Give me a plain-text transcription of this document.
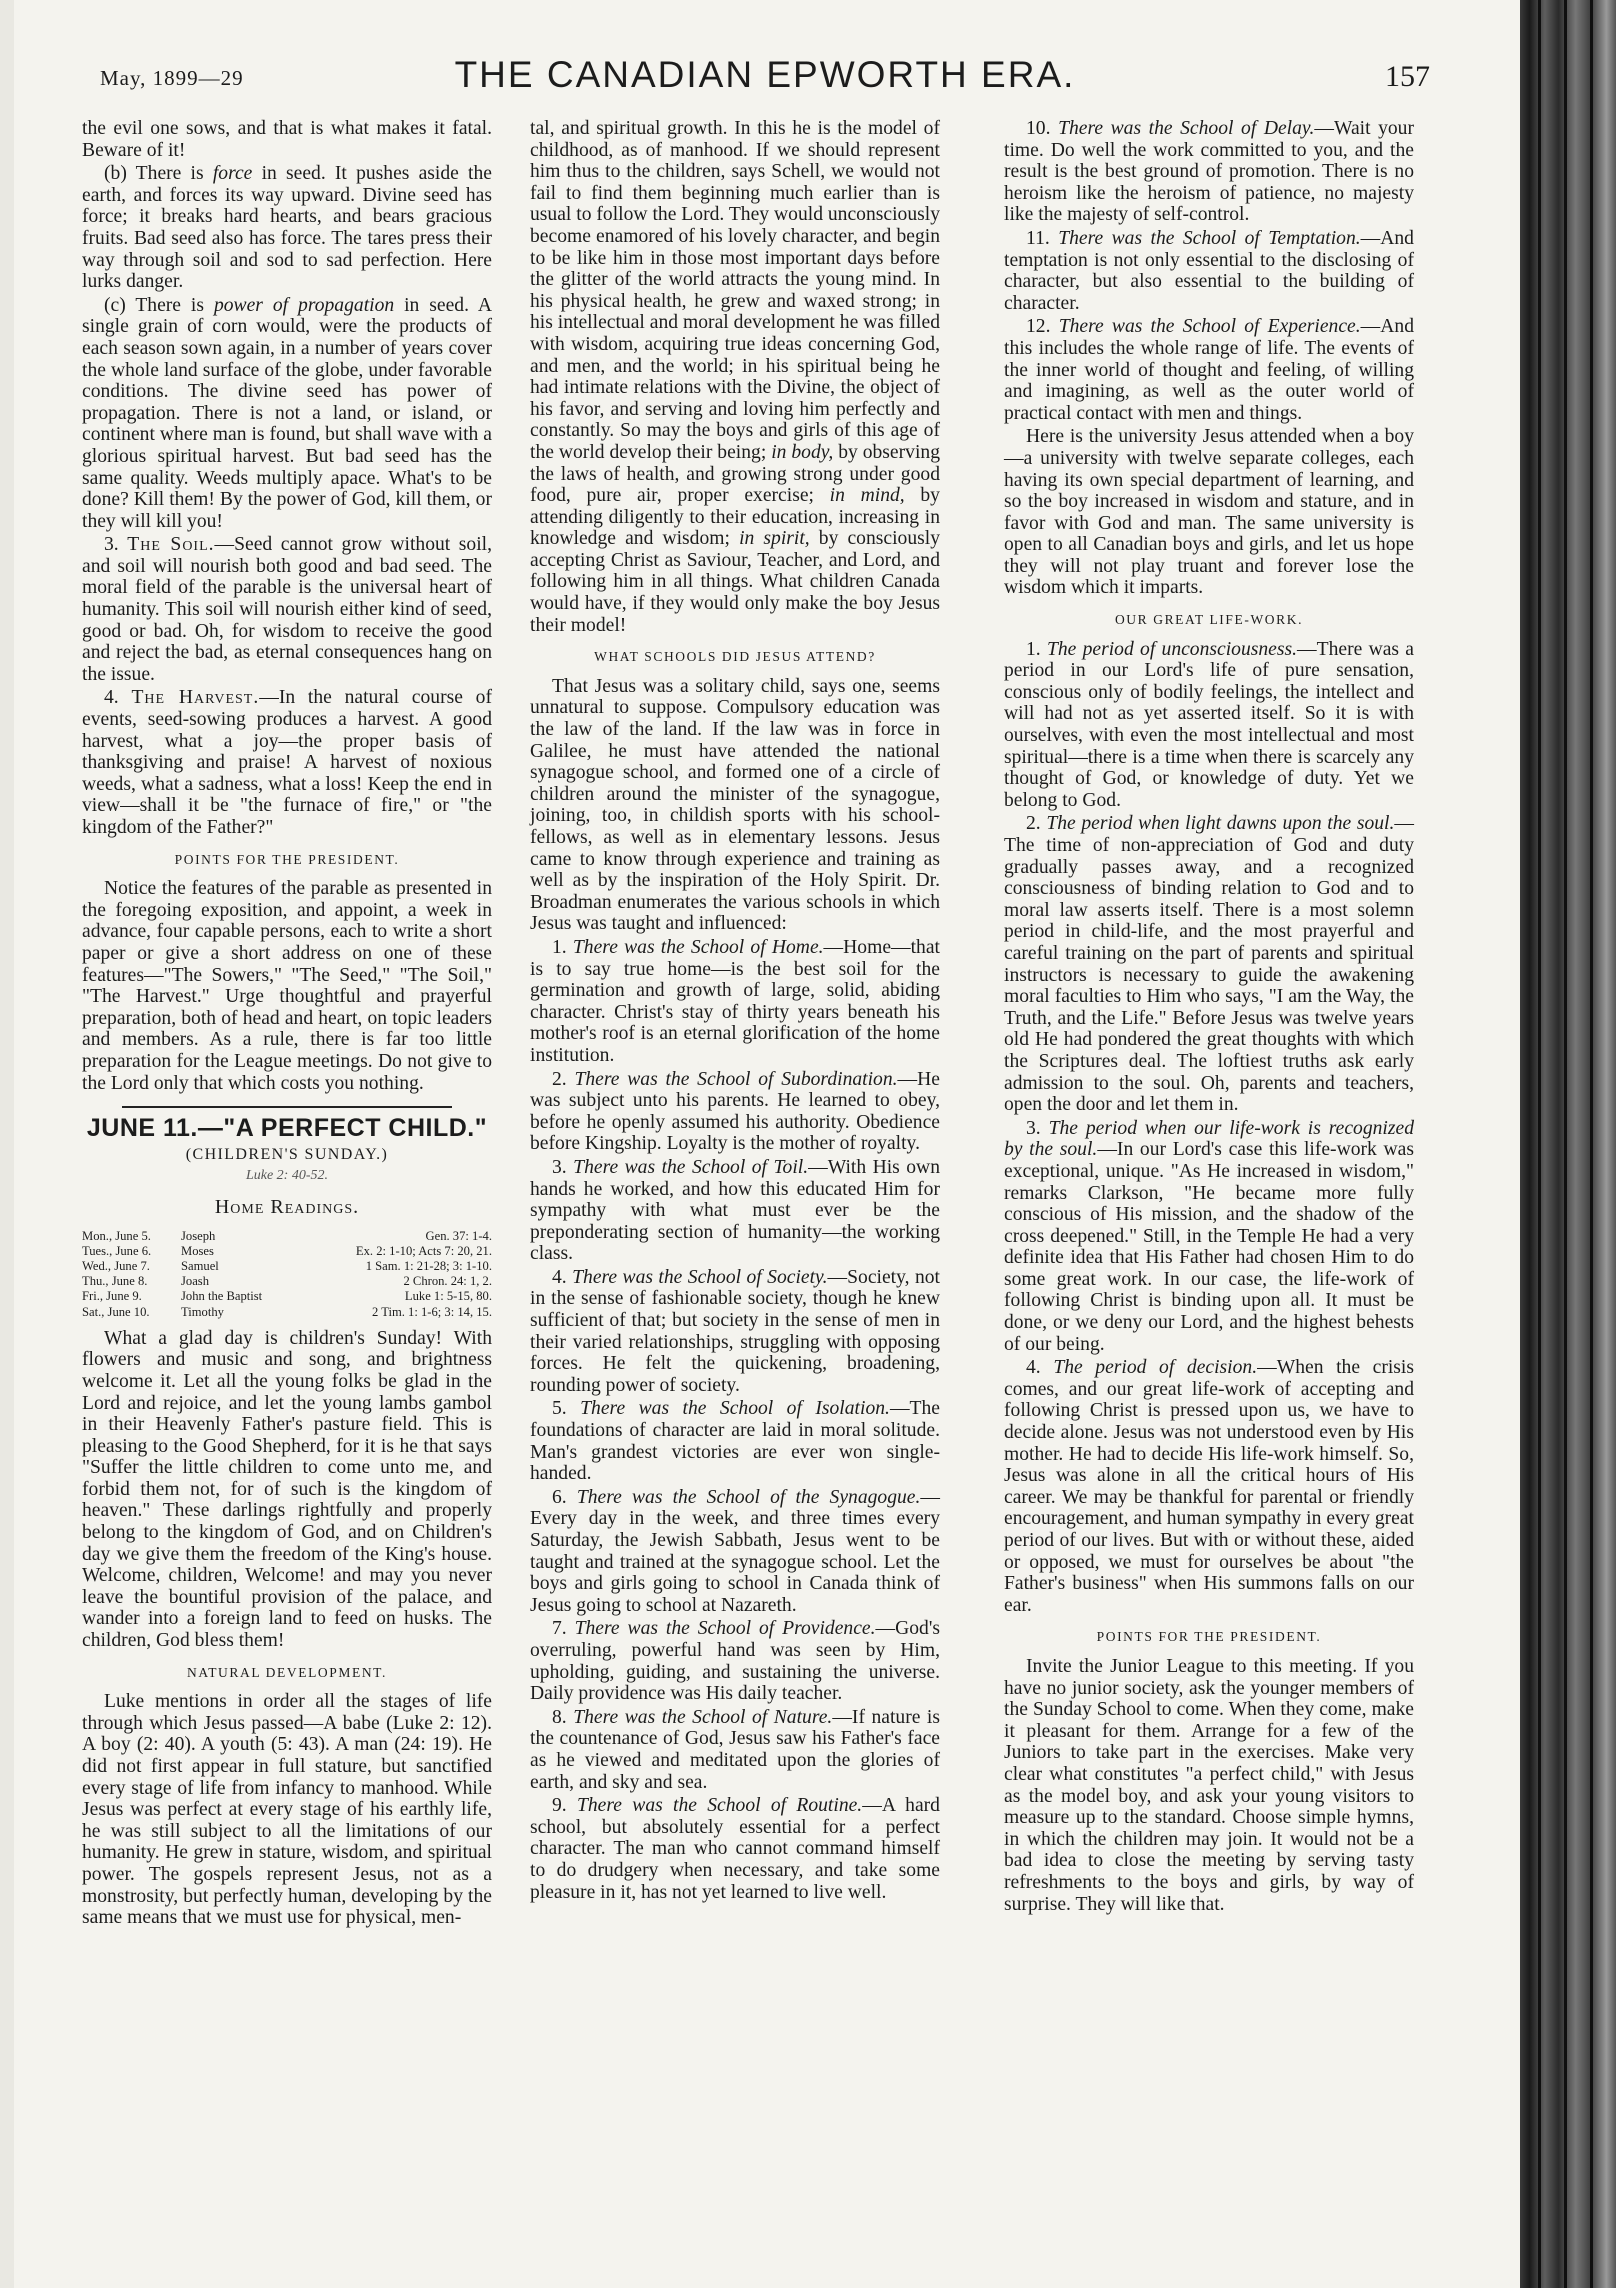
May, 1899—29	THE CANADIAN EPWORTH ERA.	157

the evil one sows, and that is what makes it fatal. Beware of it!

(b) There is force in seed. It pushes aside the earth, and forces its way upward. Divine seed has force; it breaks hard hearts, and bears gracious fruits. Bad seed also has force. The tares press their way through soil and sod to sad perfection. Here lurks danger.

(c) There is power of propagation in seed. A single grain of corn would, were the products of each season sown again, in a number of years cover the whole land surface of the globe, under favorable conditions. The divine seed has power of propagation. There is not a land, or island, or continent where man is found, but shall wave with a glorious spiritual harvest. But bad seed has the same quality. Weeds multiply apace. What's to be done? Kill them! By the power of God, kill them, or they will kill you!

3. The Soil.—Seed cannot grow without soil, and soil will nourish both good and bad seed. The moral field of the parable is the universal heart of humanity. This soil will nourish either kind of seed, good or bad. Oh, for wisdom to receive the good and reject the bad, as eternal consequences hang on the issue.

4. The Harvest.—In the natural course of events, seed-sowing produces a harvest. A good harvest, what a joy—the proper basis of thanksgiving and praise! A harvest of noxious weeds, what a sadness, what a loss! Keep the end in view—shall it be "the furnace of fire," or "the kingdom of the Father?"

POINTS FOR THE PRESIDENT.

Notice the features of the parable as presented in the foregoing exposition, and appoint, a week in advance, four capable persons, each to write a short paper or give a short address on one of these features—"The Sowers," "The Seed," "The Soil," "The Harvest." Urge thoughtful and prayerful preparation, both of head and heart, on topic leaders and members. As a rule, there is far too little preparation for the League meetings. Do not give to the Lord only that which costs you nothing.

JUNE 11.—"A PERFECT CHILD."
(CHILDREN'S SUNDAY.)
Luke 2: 40-52.
Home Readings.
Mon., June 5.	Joseph	Gen. 37: 1-4.
Tues., June 6.	Moses	Ex. 2: 1-10; Acts 7: 20, 21.
Wed., June 7.	Samuel	1 Sam. 1: 21-28; 3: 1-10.
Thu., June 8.	Joash	2 Chron. 24: 1, 2.
Fri., June 9.	John the Baptist	Luke 1: 5-15, 80.
Sat., June 10.	Timothy	2 Tim. 1: 1-6; 3: 14, 15.

What a glad day is children's Sunday! With flowers and music and song, and brightness welcome it. Let all the young folks be glad in the Lord and rejoice, and let the young lambs gambol in their Heavenly Father's pasture field. This is pleasing to the Good Shepherd, for it is he that says "Suffer the little children to come unto me, and forbid them not, for of such is the kingdom of heaven." These darlings rightfully and properly belong to the kingdom of God, and on Children's day we give them the freedom of the King's house. Welcome, children, Welcome! and may you never leave the bountiful provision of the palace, and wander into a foreign land to feed on husks. The children, God bless them!

NATURAL DEVELOPMENT.

Luke mentions in order all the stages of life through which Jesus passed—A babe (Luke 2: 12). A boy (2: 40). A youth (5: 43). A man (24: 19). He did not first appear in full stature, but sanctified every stage of life from infancy to manhood. While Jesus was perfect at every stage of his earthly life, he was still subject to all the limitations of our humanity. He grew in stature, wisdom, and spiritual power. The gospels represent Jesus, not as a monstrosity, but perfectly human, developing by the same means that we must use for physical, men-

tal, and spiritual growth. In this he is the model of childhood, as of manhood. If we should represent him thus to the children, says Schell, we would not fail to find them beginning much earlier than is usual to follow the Lord. They would unconsciously become enamored of his lovely character, and begin to be like him in those most important days before the glitter of the world attracts the young mind. In his physical health, he grew and waxed strong; in his intellectual and moral development he was filled with wisdom, acquiring true ideas concerning God, and men, and the world; in his spiritual being he had intimate relations with the Divine, the object of his favor, and serving and loving him perfectly and constantly. So may the boys and girls of this age of the world develop their being; in body, by observing the laws of health, and growing strong under good food, pure air, proper exercise; in mind, by attending diligently to their education, increasing in knowledge and wisdom; in spirit, by consciously accepting Christ as Saviour, Teacher, and Lord, and following him in all things. What children Canada would have, if they would only make the boy Jesus their model!

WHAT SCHOOLS DID JESUS ATTEND?

That Jesus was a solitary child, says one, seems unnatural to suppose. Compulsory education was the law of the land. If the law was in force in Galilee, he must have attended the national synagogue school, and formed one of a circle of children around the minister of the synagogue, joining, too, in childish sports with his school-fellows, as well as in elementary lessons. Jesus came to know through experience and training as well as by the inspiration of the Holy Spirit. Dr. Broadman enumerates the various schools in which Jesus was taught and influenced:

1. There was the School of Home.—Home—that is to say true home—is the best soil for the germination and growth of large, solid, abiding character. Christ's stay of thirty years beneath his mother's roof is an eternal glorification of the home institution.

2. There was the School of Subordination.—He was subject unto his parents. He learned to obey, before he openly assumed his authority. Obedience before Kingship. Loyalty is the mother of royalty.

3. There was the School of Toil.—With His own hands he worked, and how this educated Him for sympathy with what must ever be the preponderating section of humanity—the working class.

4. There was the School of Society.—Society, not in the sense of fashionable society, though he knew sufficient of that; but society in the sense of men in their varied relationships, struggling with opposing forces. He felt the quickening, broadening, rounding power of society.

5. There was the School of Isolation.—The foundations of character are laid in moral solitude. Man's grandest victories are ever won single-handed.

6. There was the School of the Synagogue.—Every day in the week, and three times every Saturday, the Jewish Sabbath, Jesus went to be taught and trained at the synagogue school. Let the boys and girls going to school in Canada think of Jesus going to school at Nazareth.

7. There was the School of Providence.—God's overruling, powerful hand was seen by Him, upholding, guiding, and sustaining the universe. Daily providence was His daily teacher.

8. There was the School of Nature.—If nature is the countenance of God, Jesus saw his Father's face as he viewed and meditated upon the glories of earth, and sky and sea.

9. There was the School of Routine.—A hard school, but absolutely essential for a perfect character. The man who cannot command himself to do drudgery when necessary, and take some pleasure in it, has not yet learned to live well.

10. There was the School of Delay.—Wait your time. Do well the work committed to you, and the result is the best ground of promotion. There is no heroism like the heroism of patience, no majesty like the majesty of self-control.

11. There was the School of Temptation.—And temptation is not only essential to the disclosing of character, but also essential to the building of character.

12. There was the School of Experience.—And this includes the whole range of life. The events of the inner world of thought and feeling, of willing and imagining, as well as the outer world of practical contact with men and things.

Here is the university Jesus attended when a boy—a university with twelve separate colleges, each having its own special department of learning, and so the boy increased in wisdom and stature, and in favor with God and man. The same university is open to all Canadian boys and girls, and let us hope they will not play truant and forever lose the wisdom which it imparts.

OUR GREAT LIFE-WORK.

1. The period of unconsciousness.—There was a period in our Lord's life of pure sensation, conscious only of bodily feelings, the intellect and will had not as yet asserted itself. So it is with ourselves, with even the most intellectual and most spiritual—there is a time when there is scarcely any thought of God, or knowledge of duty. Yet we belong to God.

2. The period when light dawns upon the soul.—The time of non-appreciation of God and duty gradually passes away, and a recognized consciousness of binding relation to God and to moral law asserts itself. There is a most solemn period in child-life, and the most prayerful and careful training on the part of parents and spiritual instructors is necessary to guide the awakening moral faculties to Him who says, "I am the Way, the Truth, and the Life." Before Jesus was twelve years old He had pondered the great thoughts with which the Scriptures deal. The loftiest truths ask early admission to the soul. Oh, parents and teachers, open the door and let them in.

3. The period when our life-work is recognized by the soul.—In our Lord's case this life-work was exceptional, unique. "As He increased in wisdom," remarks Clarkson, "He became more fully conscious of His mission, and the shadow of the cross deepened." Still, in the Temple He had a very definite idea that His Father had chosen Him to do some great work. In our case, the life-work of following Christ is binding upon all. It must be done, or we deny our Lord, and the highest behests of our being.

4. The period of decision.—When the crisis comes, and our great life-work of accepting and following Christ is pressed upon us, we have to decide alone. Jesus was not understood even by His mother. He had to decide His life-work himself. So, Jesus was alone in all the critical hours of His career. We may be thankful for parental or friendly encouragement, and human sympathy in every great period of our lives. But with or without these, aided or opposed, we must for ourselves be about "the Father's business" when His summons falls on our ear.

POINTS FOR THE PRESIDENT.

Invite the Junior League to this meeting. If you have no junior society, ask the younger members of the Sunday School to come. When they come, make it pleasant for them. Arrange for a few of the Juniors to take part in the exercises. Make very clear what constitutes "a perfect child," with Jesus as the model boy, and ask your young visitors to measure up to the standard. Choose simple hymns, in which the children may join. It would not be a bad idea to close the meeting by serving tasty refreshments to the boys and girls, by way of surprise. They will like that.
